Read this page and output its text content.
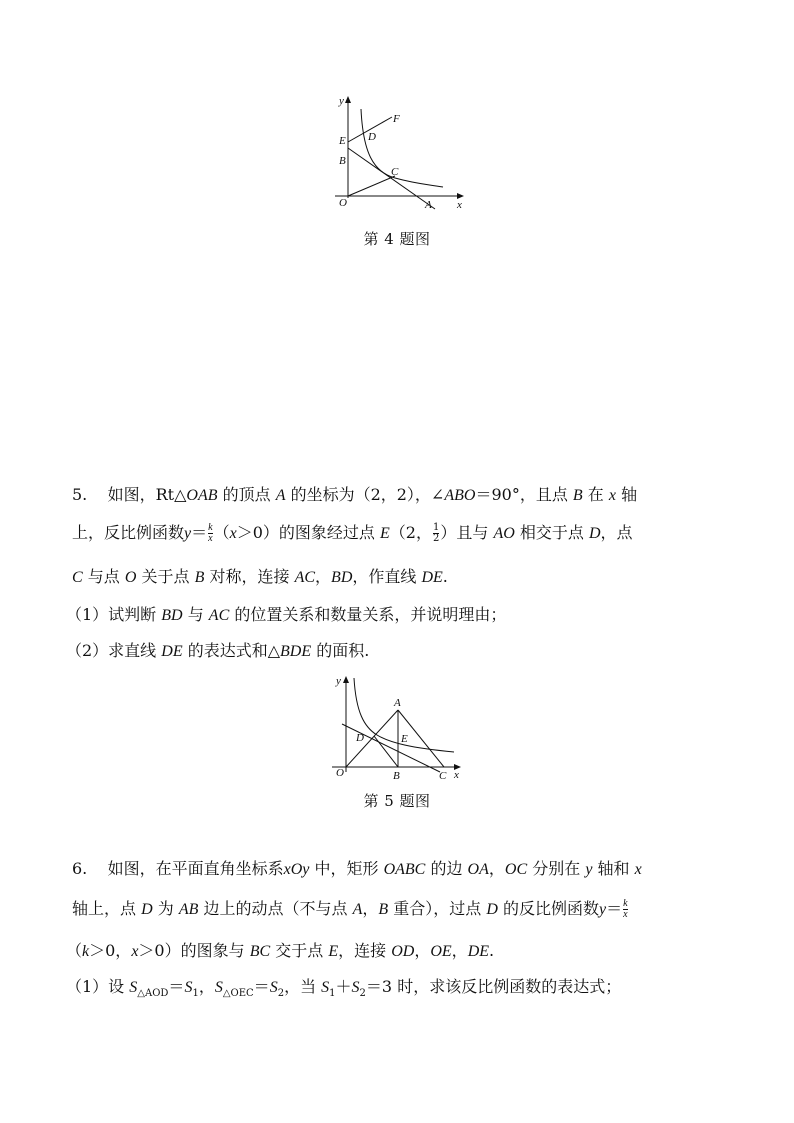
y
x
O	A
B
C
D
E
F
第 4 题图
5. 如图，Rt△OAB 的顶点 A 的坐标为（2，2），∠ABO＝90°，且点 B 在 x 轴
上，反比例函数$y= \frac{k}{x} (x>0)$的图象经过点 E（2， $\frac{1}{2}$ ）且与 AO 相交于点 D，点
C 与点 O 关于点 B 对称，连接 AC，BD，作直线 DE.
（1）试判断 BD 与 AC 的位置关系和数量关系，并说明理由；
（2）求直线 DE 的表达式和△BDE 的面积.
y
x
O
A
B	C
D	E
第 5 题图
6. 如图，在平面直角坐标系xOy 中，矩形 OABC 的边 OA，OC 分别在 y 轴和 x
轴上，点 D 为 AB 边上的动点（不与点 A，B 重合），过点 D 的反比例函数$y= \frac{k}{x}$
（k＞0，x＞0）的图象与 BC 交于点 E，连接 OD，OE，DE.
（1）设 $S_{\triangle AOD}=S_1$，$S_{\triangle OEC}=S_2$，当 $S_1+S_2=3$ 时，求该反比例函数的表达式；
